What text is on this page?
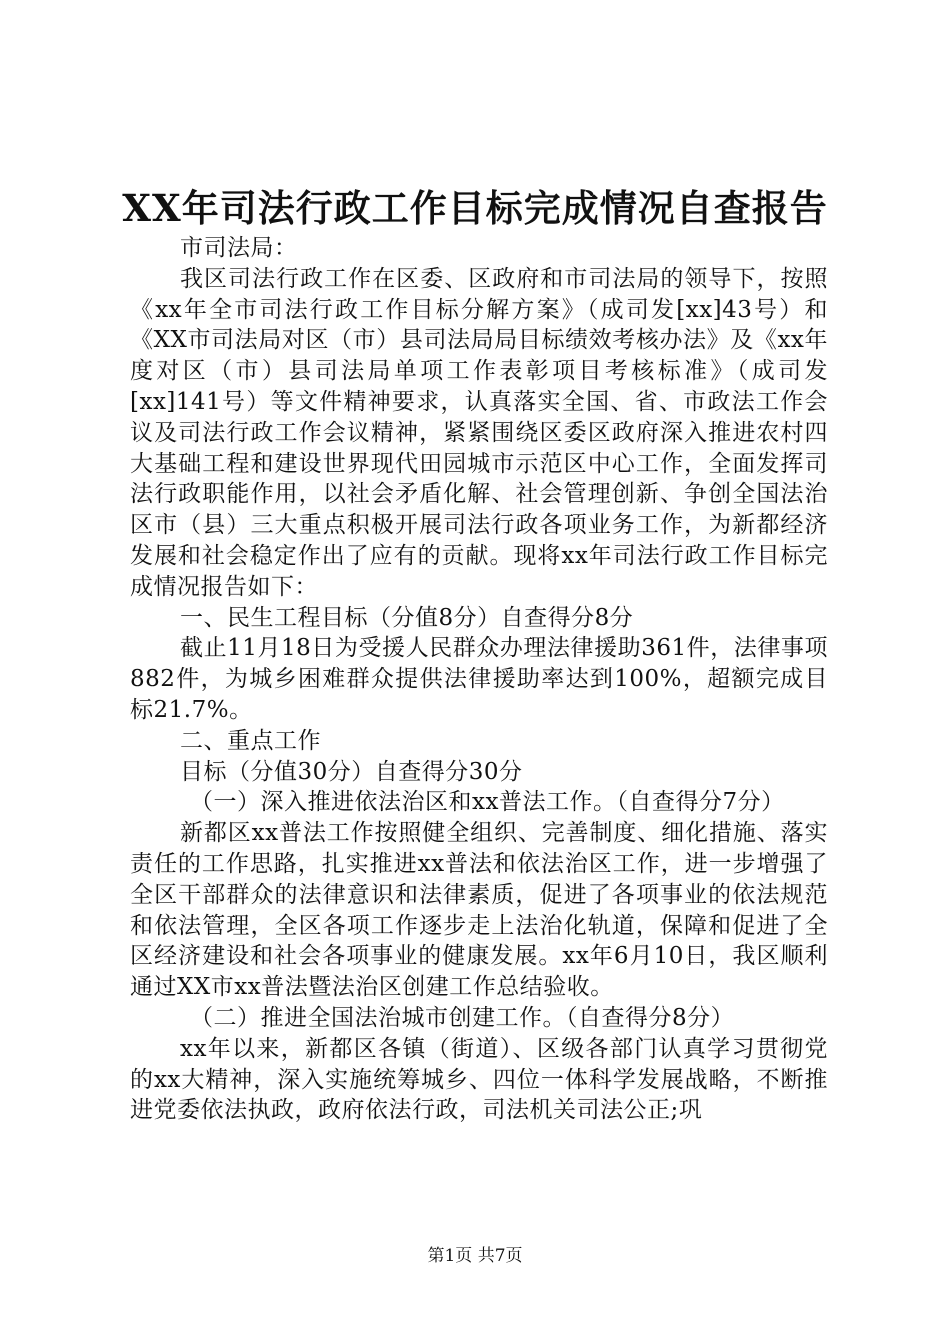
XX年司法行政工作目标完成情况自查报告

市司法局：

我区司法行政工作在区委、区政府和市司法局的领导下，按照《xx年全市司法行政工作目标分解方案》（成司发[xx]43号）和《XX市司法局对区（市）县司法局局目标绩效考核办法》及《xx年度对区（市）县司法局单项工作表彰项目考核标准》（成司发[xx]141号）等文件精神要求，认真落实全国、省、市政法工作会议及司法行政工作会议精神，紧紧围绕区委区政府深入推进农村四大基础工程和建设世界现代田园城市示范区中心工作，全面发挥司法行政职能作用，以社会矛盾化解、社会管理创新、争创全国法治区市（县）三大重点积极开展司法行政各项业务工作，为新都经济发展和社会稳定作出了应有的贡献。现将xx年司法行政工作目标完成情况报告如下：

一、民生工程目标（分值8分）自查得分8分

截止11月18日为受援人民群众办理法律援助361件，法律事项882件，为城乡困难群众提供法律援助率达到100%，超额完成目标21.7%。

二、重点工作

目标（分值30分）自查得分30分

（一）深入推进依法治区和xx普法工作。（自查得分7分）

新都区xx普法工作按照健全组织、完善制度、细化措施、落实责任的工作思路，扎实推进xx普法和依法治区工作，进一步增强了全区干部群众的法律意识和法律素质，促进了各项事业的依法规范和依法管理，全区各项工作逐步走上法治化轨道，保障和促进了全区经济建设和社会各项事业的健康发展。xx年6月10日，我区顺利通过XX市xx普法暨法治区创建工作总结验收。

（二）推进全国法治城市创建工作。（自查得分8分）

xx年以来，新都区各镇（街道）、区级各部门认真学习贯彻党的xx大精神，深入实施统筹城乡、四位一体科学发展战略，不断推进党委依法执政，政府依法行政，司法机关司法公正;巩

第1页 共7页
